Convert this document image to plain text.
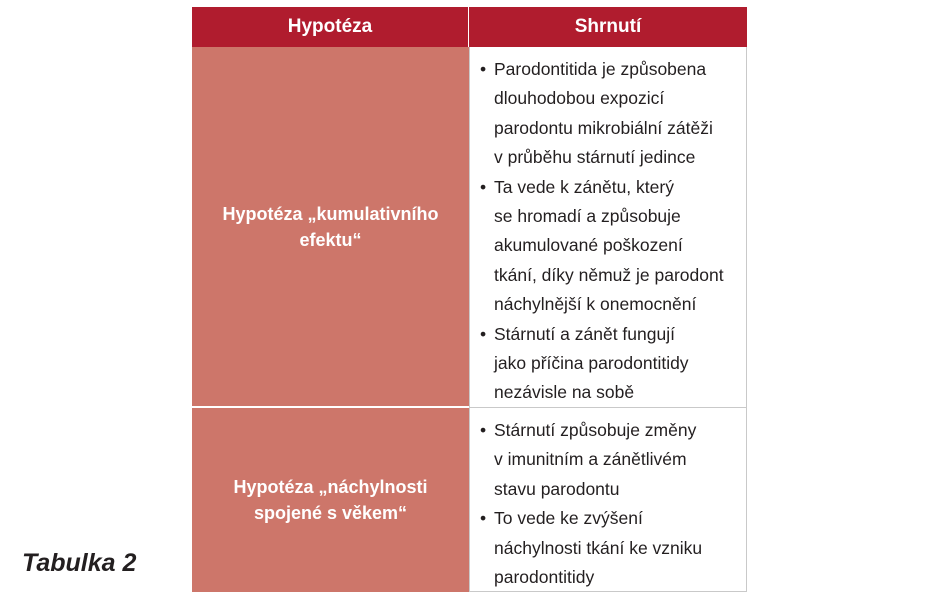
Hypotéza	Shrnutí
Hypotéza „kumulativního
efektu“
• Parodontitida je způsobena
dlouhodobou expozicí
parodontu mikrobiální zátěži
v průběhu stárnutí jedince
• Ta vede k zánětu, který
se hromadí a způsobuje
akumulované poškození
tkání, díky němuž je parodont
náchylnější k onemocnění
• Stárnutí a zánět fungují
jako příčina parodontitidy
nezávisle na sobě
Hypotéza „náchylnosti
spojené s věkem“
• Stárnutí způsobuje změny
v imunitním a zánětlivém
stavu parodontu
• To vede ke zvýšení
náchylnosti tkání ke vzniku
parodontitidy
Tabulka 2
